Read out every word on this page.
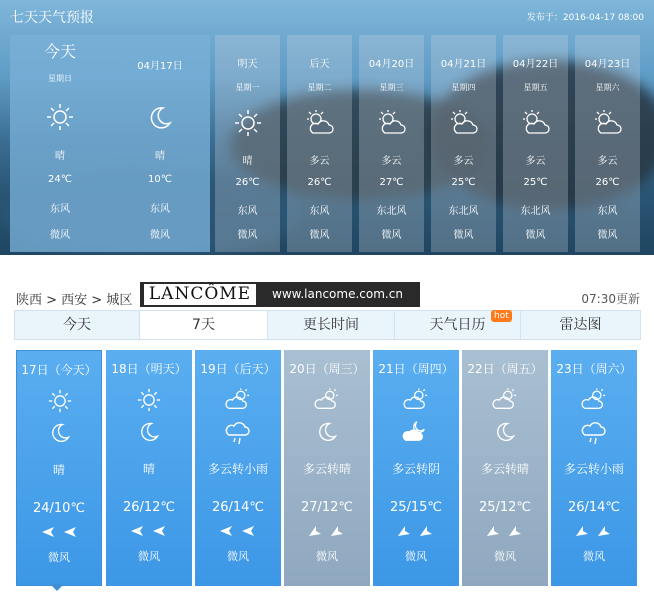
七天天气预报	发布于：2016-04-17 08:00
今天
星期日
04月17日
晴	晴
24℃	10℃
东风	东风
微风	微风
明天
星期一
晴
26℃
东风
微风
后天
星期二
多云
26℃
东风
微风
04月20日
星期三
多云
27℃
东北风
微风
04月21日
星期四
多云
25℃
东北风
微风
04月22日
星期五
多云
25℃
东北风
微风
04月23日
星期六
多云
26℃
东风
微风
陕西 > 西安 > 城区 LANCÔME	www.lancome.com.cn	07:30更新
今天	7天	更长时间	天气日历
hot
雷达图
17日（今天）
晴
24/10℃
微风
18日（明天）
晴
26/12℃
微风
19日（后天）
多云转小雨
26/14℃
微风
20日（周三）
多云转晴
27/12℃
微风
21日（周四）
多云转阴
25/15℃
微风
22日（周五）
多云转晴
25/12℃
微风
23日（周六）
多云转小雨
26/14℃
微风
